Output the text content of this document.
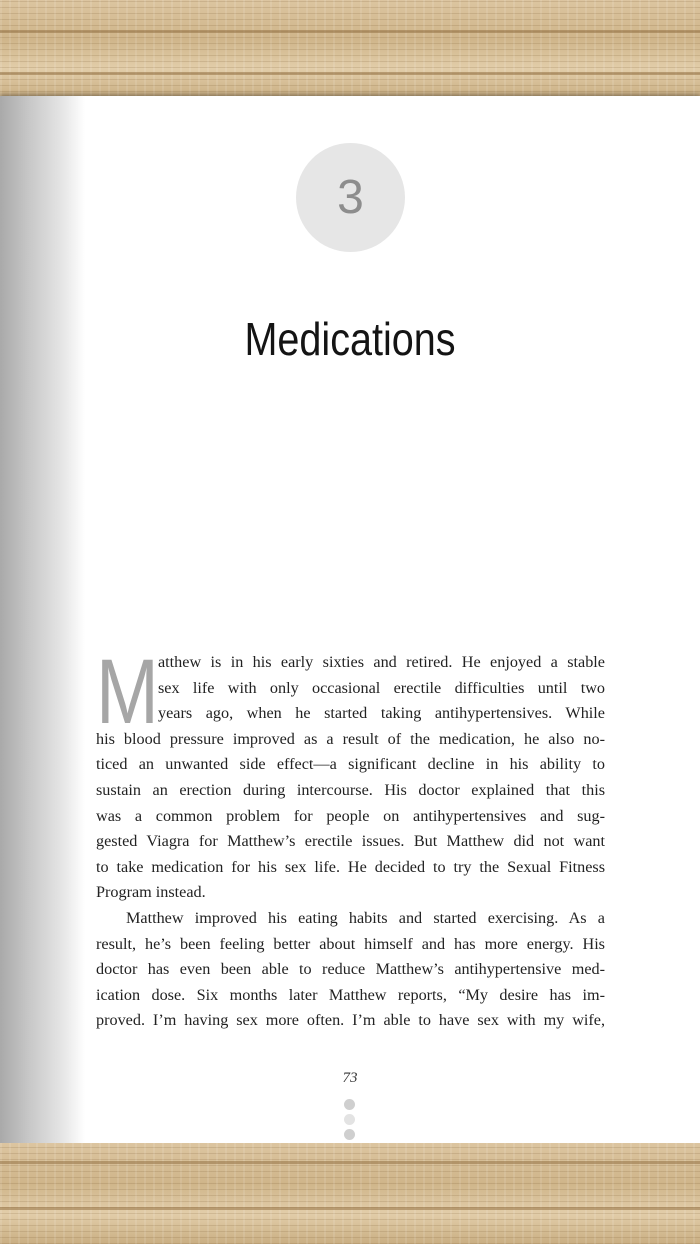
3
Medications
M atthew is in his early sixties and retired. He enjoyed a stable
sex life with only occasional erectile difficulties until two
years ago, when he started taking antihypertensives. While
his blood pressure improved as a result of the medication, he also no-
ticed an unwanted side effect—a significant decline in his ability to
sustain an erection during intercourse. His doctor explained that this
was a common problem for people on antihypertensives and sug-
gested Viagra for Matthew’s erectile issues. But Matthew did not want
to take medication for his sex life. He decided to try the Sexual Fitness
Program instead.
Matthew improved his eating habits and started exercising. As a
result, he’s been feeling better about himself and has more energy. His
doctor has even been able to reduce Matthew’s antihypertensive med-
ication dose. Six months later Matthew reports, “My desire has im-
proved. I’m having sex more often. I’m able to have sex with my wife,
73
